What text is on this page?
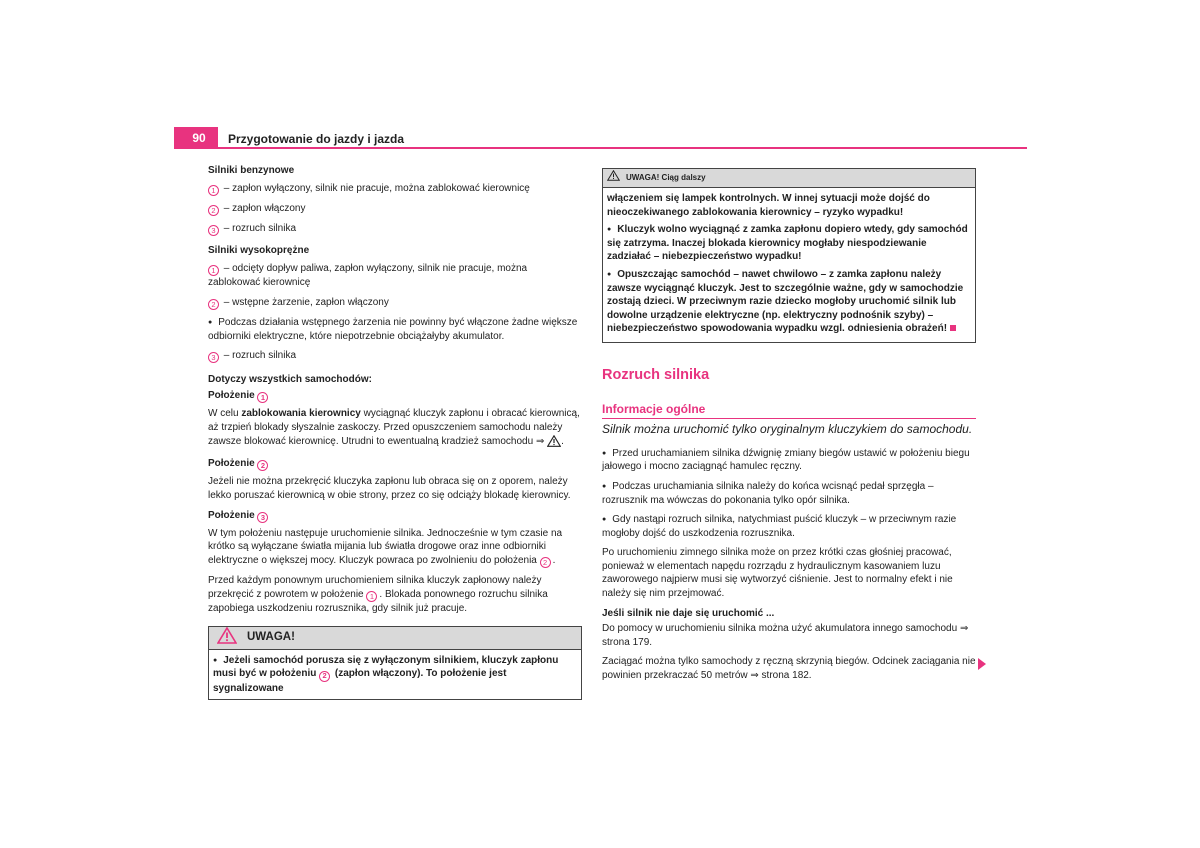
90	Przygotowanie do jazdy i jazda

Silniki benzynowe

1 – zapłon wyłączony, silnik nie pracuje, można zablokować kierownicę

2 – zapłon włączony

3 – rozruch silnika

Silniki wysokoprężne

1 – odcięty dopływ paliwa, zapłon wyłączony, silnik nie pracuje, można zablokować kierownicę

2 – wstępne żarzenie, zapłon włączony

● Podczas działania wstępnego żarzenia nie powinny być włączone żadne większe odbiorniki elektryczne, które niepotrzebnie obciążałyby akumulator.

3 – rozruch silnika

Dotyczy wszystkich samochodów:

Położenie 1

W celu zablokowania kierownicy wyciągnąć kluczyk zapłonu i obracać kierownicą, aż trzpień blokady słyszalnie zaskoczy. Przed opuszczeniem samochodu należy zawsze blokować kierownicę. Utrudni to ewentualną kradzież samochodu ⇒ .

Położenie 2

Jeżeli nie można przekręcić kluczyka zapłonu lub obraca się on z oporem, należy lekko poruszać kierownicą w obie strony, przez co się odciąży blokadę kierownicy.

Położenie 3

W tym położeniu następuje uruchomienie silnika. Jednocześnie w tym czasie na krótko są wyłączane światła mijania lub światła drogowe oraz inne odbiorniki elektryczne o większej mocy. Kluczyk powraca po zwolnieniu do położenia 2 .

Przed każdym ponownym uruchomieniem silnika kluczyk zapłonowy należy przekręcić z powrotem w położenie 1 . Blokada ponownego rozruchu silnika zapobiega uszkodzeniu rozrusznika, gdy silnik już pracuje.

UWAGA!

● Jeżeli samochód porusza się z wyłączonym silnikiem, kluczyk zapłonu musi być w położeniu 2 (zapłon włączony). To położenie jest sygnalizowane

UWAGA! Ciąg dalszy

włączeniem się lampek kontrolnych. W innej sytuacji może dojść do nieoczekiwanego zablokowania kierownicy – ryzyko wypadku!

● Kluczyk wolno wyciągnąć z zamka zapłonu dopiero wtedy, gdy samochód się zatrzyma. Inaczej blokada kierownicy mogłaby niespodziewanie zadziałać – niebezpieczeństwo wypadku!

● Opuszczając samochód – nawet chwilowo – z zamka zapłonu należy zawsze wyciągnąć kluczyk. Jest to szczególnie ważne, gdy w samochodzie zostają dzieci. W przeciwnym razie dziecko mogłoby uruchomić silnik lub dowolne urządzenie elektryczne (np. elektryczny podnośnik szyby) – niebezpieczeństwo spowodowania wypadku wzgl. odniesienia obrażeń!

Rozruch silnika
Informacje ogólne
Silnik można uruchomić tylko oryginalnym kluczykiem do samochodu.

● Przed uruchamianiem silnika dźwignię zmiany biegów ustawić w położeniu biegu jałowego i mocno zaciągnąć hamulec ręczny.

● Podczas uruchamiania silnika należy do końca wcisnąć pedał sprzęgła – rozrusznik ma wówczas do pokonania tylko opór silnika.

● Gdy nastąpi rozruch silnika, natychmiast puścić kluczyk – w przeciwnym razie mogłoby dojść do uszkodzenia rozrusznika.

Po uruchomieniu zimnego silnika może on przez krótki czas głośniej pracować, ponieważ w elementach napędu rozrządu z hydraulicznym kasowaniem luzu zaworowego najpierw musi się wytworzyć ciśnienie. Jest to normalny efekt i nie należy się nim przejmować.

Jeśli silnik nie daje się uruchomić ...

Do pomocy w uruchomieniu silnika można użyć akumulatora innego samochodu ⇒ strona 179.

Zaciągać można tylko samochody z ręczną skrzynią biegów. Odcinek zaciągania nie powinien przekraczać 50 metrów ⇒ strona 182.
